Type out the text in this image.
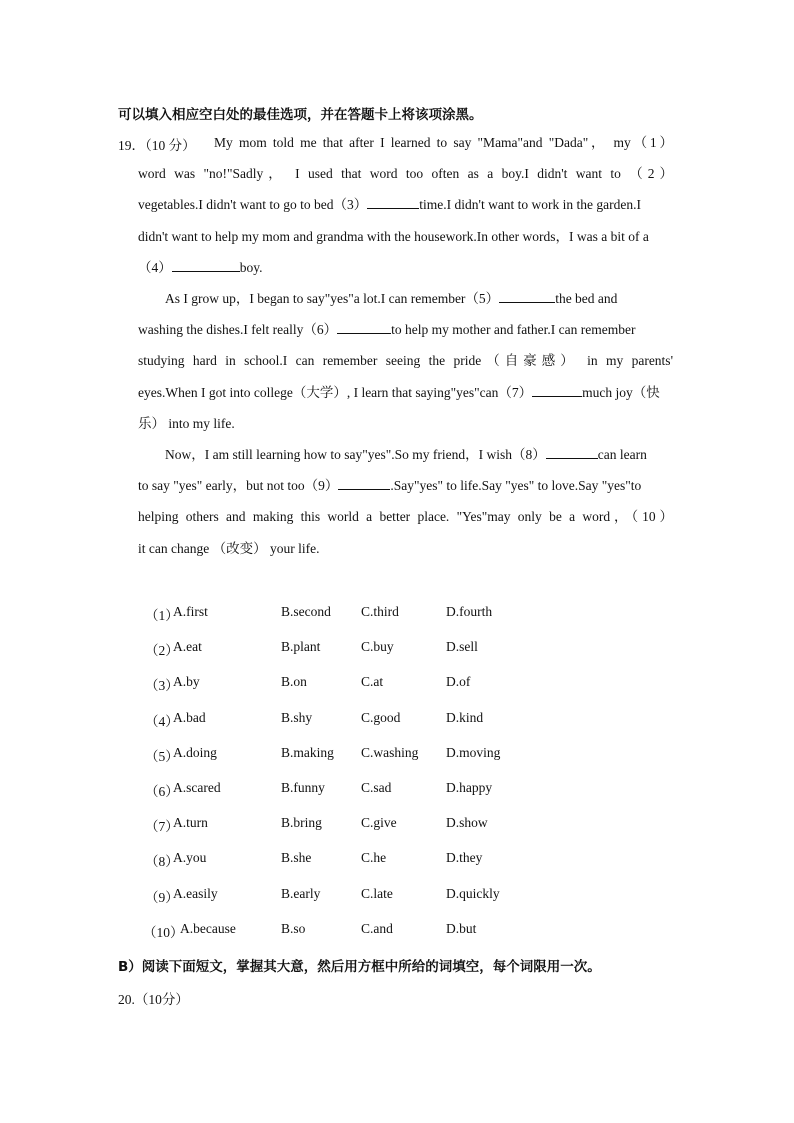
可以填入相应空白处的最佳选项，并在答题卡上将该项涂黑。
19．（10 分） My mom told me that after I learned to say "Mama"and "Dada"， my（1）
word was "no!"Sadly， I used that word too often as a boy.I didn't want to （2）
vegetables.I didn't want to go to bed（3）	time.I didn't want to work in the garden.I
didn't want to help my mom and grandma with the housework.In other words，I was a bit of a
（4）	boy.
As I grow up，I began to say"yes"a lot.I can remember（5）	the bed and
washing the dishes.I felt really（6）	to help my mother and father.I can remember
studying hard in school.I can remember seeing the pride（自豪感） in my parents'
eyes.When I got into college（大学）, I learn that saying"yes"can（7）	much joy（快
乐） into my life.
Now，I am still learning how to say"yes".So my friend，I wish（8）	can learn
to say "yes" early，but not too（9）	.Say"yes" to life.Say "yes" to love.Say "yes"to
helping others and making this world a better place. "Yes"may only be a word，（10）
it can change （改变） your life.
（1）
A.first	B.second C.third	D.fourth
（2）
A.eat	B.plant	C.buy	D.sell
（3）
A.by	B.on	C.at	D.of
（4）
A.bad	B.shy	C.good	D.kind
（5）
A.doing	B.making C.washing D.moving
（6）
A.scared	B.funny	C.sad	D.happy
（7）
A.turn	B.bring	C.give	D.show
（8）
A.you	B.she	C.he	D.they
（9）
A.easily	B.early	C.late	D.quickly
（10）
A.because	B.so	C.and	D.but
B）阅读下面短文，掌握其大意，然后用方框中所给的词填空，每个词限用一次。
20.（10分）
